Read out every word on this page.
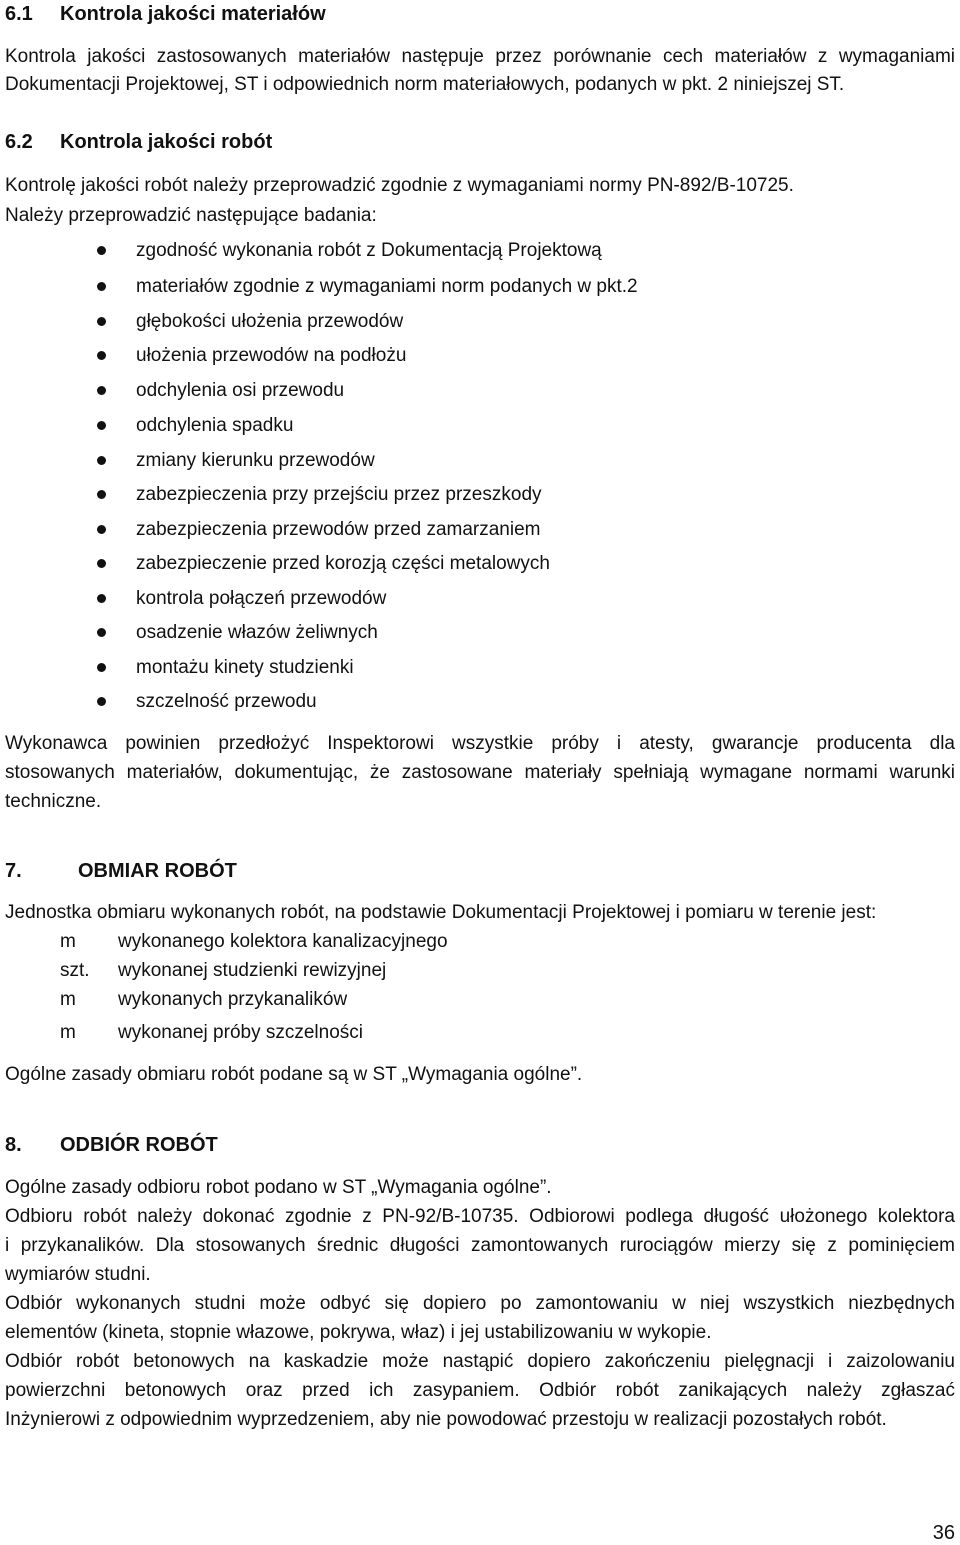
6.1 Kontrola jakości materiałów
Kontrola jakości zastosowanych materiałów następuje przez porównanie cech materiałów z wymaganiami
Dokumentacji Projektowej, ST i odpowiednich norm materiałowych, podanych w pkt. 2 niniejszej ST.
6.2 Kontrola jakości robót
Kontrolę jakości robót należy przeprowadzić zgodnie z wymaganiami normy PN-892/B-10725.
Należy przeprowadzić następujące badania:
zgodność wykonania robót z Dokumentacją Projektową
materiałów zgodnie z wymaganiami norm podanych w pkt.2
głębokości ułożenia przewodów
ułożenia przewodów na podłożu
odchylenia osi przewodu
odchylenia spadku
zmiany kierunku przewodów
zabezpieczenia przy przejściu przez przeszkody
zabezpieczenia przewodów przed zamarzaniem
zabezpieczenie przed korozją części metalowych
kontrola połączeń przewodów
osadzenie włazów żeliwnych
montażu kinety studzienki
szczelność przewodu
Wykonawca powinien przedłożyć Inspektorowi wszystkie próby i atesty, gwarancje producenta dla
stosowanych materiałów, dokumentując, że zastosowane materiały spełniają wymagane normami warunki
techniczne.
7.	OBMIAR ROBÓT
Jednostka obmiaru wykonanych robót, na podstawie Dokumentacji Projektowej i pomiaru w terenie jest:
m wykonanego kolektora kanalizacyjnego
szt. wykonanej studzienki rewizyjnej
m wykonanych przykanalików
m wykonanej próby szczelności
Ogólne zasady obmiaru robót podane są w ST „Wymagania ogólne”.
8. ODBIÓR ROBÓT
Ogólne zasady odbioru robot podano w ST „Wymagania ogólne”.
Odbioru robót należy dokonać zgodnie z PN-92/B-10735. Odbiorowi podlega długość ułożonego kolektora
i przykanalików. Dla stosowanych średnic długości zamontowanych rurociągów mierzy się z pominięciem
wymiarów studni.
Odbiór wykonanych studni może odbyć się dopiero po zamontowaniu w niej wszystkich niezbędnych
elementów (kineta, stopnie włazowe, pokrywa, właz) i jej ustabilizowaniu w wykopie.
Odbiór robót betonowych na kaskadzie może nastąpić dopiero zakończeniu pielęgnacji i zaizolowaniu
powierzchni betonowych oraz przed ich zasypaniem. Odbiór robót zanikających należy zgłaszać
Inżynierowi z odpowiednim wyprzedzeniem, aby nie powodować przestoju w realizacji pozostałych robót.
36
